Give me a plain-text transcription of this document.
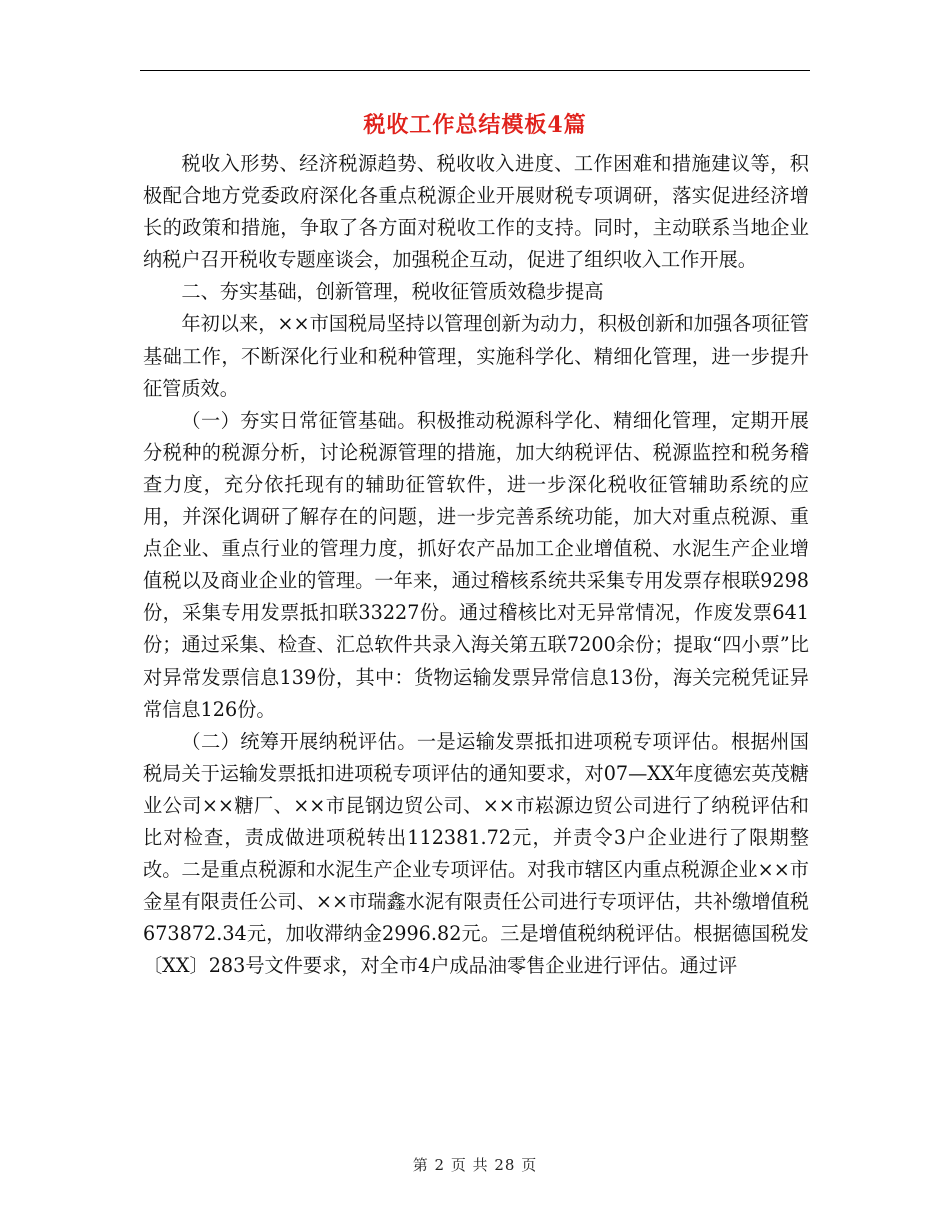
税收工作总结模板4篇

税收入形势、经济税源趋势、税收收入进度、工作困难和措施建议等，积极配合地方党委政府深化各重点税源企业开展财税专项调研，落实促进经济增长的政策和措施，争取了各方面对税收工作的支持。同时，主动联系当地企业纳税户召开税收专题座谈会，加强税企互动，促进了组织收入工作开展。

二、夯实基础，创新管理，税收征管质效稳步提高

年初以来，××市国税局坚持以管理创新为动力，积极创新和加强各项征管基础工作，不断深化行业和税种管理，实施科学化、精细化管理，进一步提升征管质效。

（一）夯实日常征管基础。积极推动税源科学化、精细化管理，定期开展分税种的税源分析，讨论税源管理的措施，加大纳税评估、税源监控和税务稽查力度，充分依托现有的辅助征管软件，进一步深化税收征管辅助系统的应用，并深化调研了解存在的问题，进一步完善系统功能，加大对重点税源、重点企业、重点行业的管理力度，抓好农产品加工企业增值税、水泥生产企业增值税以及商业企业的管理。一年来，通过稽核系统共采集专用发票存根联9298份，采集专用发票抵扣联33227份。通过稽核比对无异常情况，作废发票641份；通过采集、检查、汇总软件共录入海关第五联7200余份；提取“四小票”比对异常发票信息139份，其中：货物运输发票异常信息13份，海关完税凭证异常信息126份。

（二）统筹开展纳税评估。一是运输发票抵扣进项税专项评估。根据州国税局关于运输发票抵扣进项税专项评估的通知要求，对07—XX年度德宏英茂糖业公司××糖厂、××市昆钢边贸公司、××市崧源边贸公司进行了纳税评估和比对检查，责成做进项税转出112381.72元，并责令3户企业进行了限期整改。二是重点税源和水泥生产企业专项评估。对我市辖区内重点税源企业××市金星有限责任公司、××市瑞鑫水泥有限责任公司进行专项评估，共补缴增值税673872.34元，加收滞纳金2996.82元。三是增值税纳税评估。根据德国税发〔XX〕283号文件要求，对全市4户成品油零售企业进行评估。通过评

第 2 页 共 28 页
